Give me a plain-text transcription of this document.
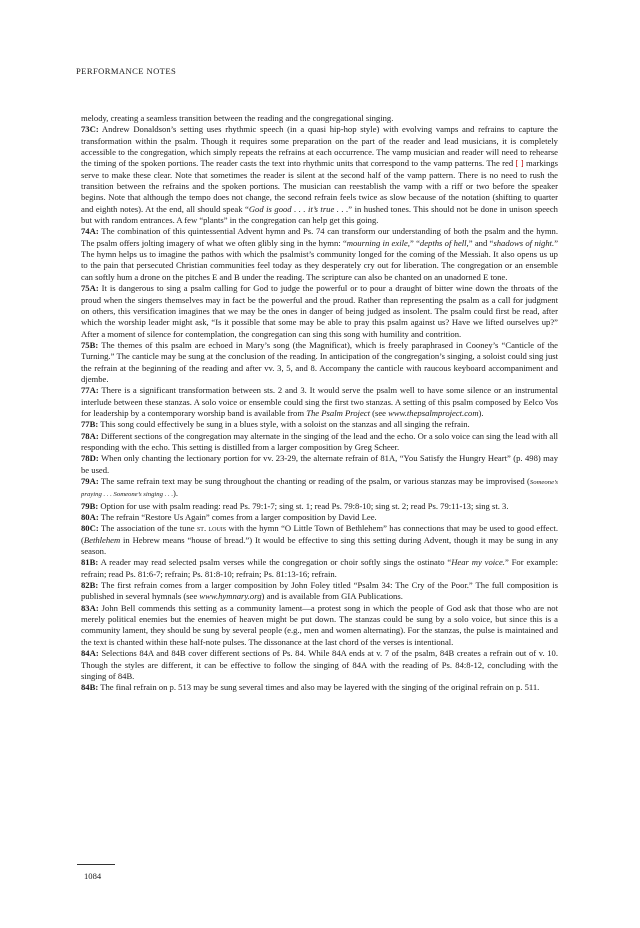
PERFORMANCE NOTES

melody, creating a seamless transition between the reading and the congregational singing.

73C: Andrew Donaldson’s setting uses rhythmic speech (in a quasi hip-hop style) with evolving vamps and refrains to capture the transformation within the psalm. Though it requires some preparation on the part of the reader and lead musicians, it is completely accessible to the congregation, which simply repeats the refrains at each occurrence. The vamp musician and reader will need to rehearse the timing of the spoken portions. The reader casts the text into rhythmic units that correspond to the vamp patterns. The red [ ] markings serve to make these clear. Note that sometimes the reader is silent at the second half of the vamp pattern. There is no need to rush the transition between the refrains and the spoken portions. The musician can reestablish the vamp with a riff or two before the speaker begins. Note that although the tempo does not change, the second refrain feels twice as slow because of the notation (shifting to quarter and eighth notes). At the end, all should speak “God is good . . . it’s true . . .” in hushed tones. This should not be done in unison speech but with random entrances. A few “plants” in the congregation can help get this going.

74A: The combination of this quintessential Advent hymn and Ps. 74 can transform our understanding of both the psalm and the hymn. The psalm offers jolting imagery of what we often glibly sing in the hymn: “mourning in exile,” “depths of hell,” and “shadows of night.” The hymn helps us to imagine the pathos with which the psalmist’s community longed for the coming of the Messiah. It also opens us up to the pain that persecuted Christian communities feel today as they desperately cry out for liberation. The congregation or an ensemble can softly hum a drone on the pitches E and B under the reading. The scripture can also be chanted on an unadorned E tone.

75A: It is dangerous to sing a psalm calling for God to judge the powerful or to pour a draught of bitter wine down the throats of the proud when the singers themselves may in fact be the powerful and the proud. Rather than representing the psalm as a call for judgment on others, this versification imagines that we may be the ones in danger of being judged as insolent. The psalm could first be read, after which the worship leader might ask, “Is it possible that some may be able to pray this psalm against us? Have we lifted ourselves up?” After a moment of silence for contemplation, the congregation can sing this song with humility and contrition.

75B: The themes of this psalm are echoed in Mary’s song (the Magnificat), which is freely paraphrased in Cooney’s “Canticle of the Turning.” The canticle may be sung at the conclusion of the reading. In anticipation of the congregation’s singing, a soloist could sing just the refrain at the beginning of the reading and after vv. 3, 5, and 8. Accompany the canticle with raucous keyboard accompaniment and djembe.

77A: There is a significant transformation between sts. 2 and 3. It would serve the psalm well to have some silence or an instrumental interlude between these stanzas. A solo voice or ensemble could sing the first two stanzas. A setting of this psalm composed by Eelco Vos for leadership by a contemporary worship band is available from The Psalm Project (see www.thepsalmproject.com).

77B: This song could effectively be sung in a blues style, with a soloist on the stanzas and all singing the refrain.

78A: Different sections of the congregation may alternate in the singing of the lead and the echo. Or a solo voice can sing the lead with all responding with the echo. This setting is distilled from a larger composition by Greg Scheer.

78D: When only chanting the lectionary portion for vv. 23-29, the alternate refrain of 81A, “You Satisfy the Hungry Heart” (p. 498) may be used.

79A: The same refrain text may be sung throughout the chanting or reading of the psalm, or various stanzas may be improvised (Someone’s praying . . . Someone’s singing . . .).

79B: Option for use with psalm reading: read Ps. 79:1-7; sing st. 1; read Ps. 79:8-10; sing st. 2; read Ps. 79:11-13; sing st. 3.

80A: The refrain “Restore Us Again” comes from a larger composition by David Lee.

80C: The association of the tune st. louis with the hymn “O Little Town of Bethlehem” has connections that may be used to good effect. (Bethlehem in Hebrew means “house of bread.”) It would be effective to sing this setting during Advent, though it may be sung in any season.

81B: A reader may read selected psalm verses while the congregation or choir softly sings the ostinato “Hear my voice.” For example: refrain; read Ps. 81:6-7; refrain; Ps. 81:8-10; refrain; Ps. 81:13-16; refrain.

82B: The first refrain comes from a larger composition by John Foley titled “Psalm 34: The Cry of the Poor.” The full composition is published in several hymnals (see www.hymnary.org) and is available from GIA Publications.

83A: John Bell commends this setting as a community lament—a protest song in which the people of God ask that those who are not merely political enemies but the enemies of heaven might be put down. The stanzas could be sung by a solo voice, but since this is a community lament, they should be sung by several people (e.g., men and women alternating). For the stanzas, the pulse is maintained and the text is chanted within these half-note pulses. The dissonance at the last chord of the verses is intentional.

84A: Selections 84A and 84B cover different sections of Ps. 84. While 84A ends at v. 7 of the psalm, 84B creates a refrain out of v. 10. Though the styles are different, it can be effective to follow the singing of 84A with the reading of Ps. 84:8-12, concluding with the singing of 84B.

84B: The final refrain on p. 513 may be sung several times and also may be layered with the singing of the original refrain on p. 511.

1084
